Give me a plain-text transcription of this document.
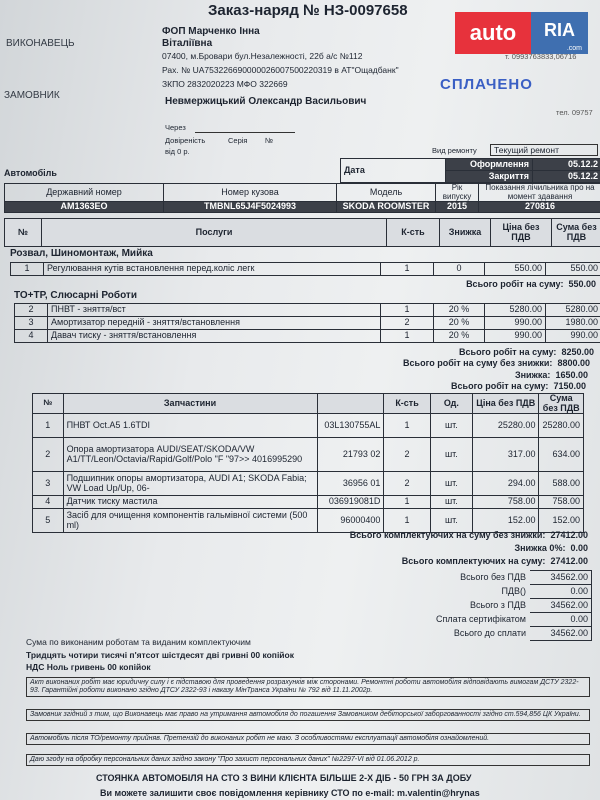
Заказ-наряд № НЗ-0097658
auto	RIA
.com
ВИКОНАВЕЦЬ
ФОП Марченко Інна
Віталіївна
07400, м.Бровари бул.Незалежності, 22б а/с №112	т. 0993763833,06716
Рах. № UA753226690000026007500220319 в АТ"Ощадбанк"
ЗКПО 2832020223 МФО 322669	СПЛАЧЕНО
ЗАМОВНИК
Невмержицький Олександр Васильович
тел. 09757
Через
Довіреність	Серія №
від 0 р.	Вид ремонту	Текущий ремонт
Автомобіль	Дата	Оформлення	05.12.2
	Закриття	05.12.2
Державний номер	Номер кузова	Модель	Рік випуску	Показання лічильника про на момент здавання
АМ1363ЕО	TMBNL65J4F5024993	SKODA ROOMSTER	2015	270816
№	Послуги	К-сть	Знижка	Ціна без ПДВ	Сума без ПДВ
Розвал, Шиномонтаж, Мийка
1	Регулювання кутів встановлення перед.коліс легк	1	0	550.00	550.00
Всього робіт на суму: 550.00
ТО+ТР, Слюсарні Роботи
2	ПНВТ - зняття/вст	1	20 %	5280.00	5280.00
3	Амортизатор передній - зняття/встановлення	2	20 %	990.00	1980.00
4	Давач тиску - зняття/встановлення	1	20 %	990.00	990.00
Всього робіт на суму: 8250.00
Всього робіт на суму без знижки: 8800.00
Знижка: 1650.00
Всього робіт на суму: 7150.00
№	Запчастини		К-сть	Од.	Ціна без ПДВ	Сума без ПДВ
1	ПНВТ Oct.A5 1.6TDI	03L130755AL	1	шт.	25280.00	25280.00
2	Опора амортизатора AUDI/SEAT/SKODA/VW A1/TT/Leon/Octavia/Rapid/Golf/Polo "F "97>> 4016995290	21793 02	2	шт.	317.00	634.00
3	Подшипник опоры амортизатора, AUDI A1; SKODA Fabia; VW Load Up/Up, 06-	36956 01	2	шт.	294.00	588.00
4	Датчик тиску мастила	036919081D	1	шт.	758.00	758.00
5	Засіб для очищення компонентів гальмівної системи (500 ml)	96000400	1	шт.	152.00	152.00
Всього комплектуючих на суму без знижки: 27412.00
Знижка 0%: 0.00
Всього комплектуючих на суму: 27412.00
Всього без ПДВ	34562.00
ПДВ()	0.00
Всього з ПДВ	34562.00
Сплата сертифікатом	0.00
Всього до сплати	34562.00
Сума по виконаним роботам та виданим комплектуючим
Тридцять чотири тисячі п'ятсот шістдесят дві гривні 00 копійок
НДС Ноль гривень 00 копійок
Акт виконаних робіт має юридичну силу і є підставою для проведення розрахунків між сторонами. Ремонтні роботи автомобіля відповідають вимогам ДСТУ 2322-93. Гарантійні роботи виконано згідно ДТСУ 2322-93 і наказу МінТранса України № 792 від 11.11.2002р.
Замовник згідний з тим, що Виконавець має право на утримання автомобіля до погашення Замовником дебіторської заборгованності згідно ст.594,856 ЦК України.
Автомобіль після ТО/ремонту прийняв. Претензій до виконаних робіт не маю. З особливостями експлуатації автомобіля ознайомлений.
Даю згоду на обробку персональних даних згідно закону "Про захист персональних даних" №2297-VI від 01.06.2012 р.
СТОЯНКА АВТОМОБІЛЯ НА СТО З ВИНИ КЛІЄНТА БІЛЬШЕ 2-Х ДІБ - 50 ГРН ЗА ДОБУ
Ви можете залишити своє повідомлення керівнику СТО по e-mail: m.valentin@hrynas
